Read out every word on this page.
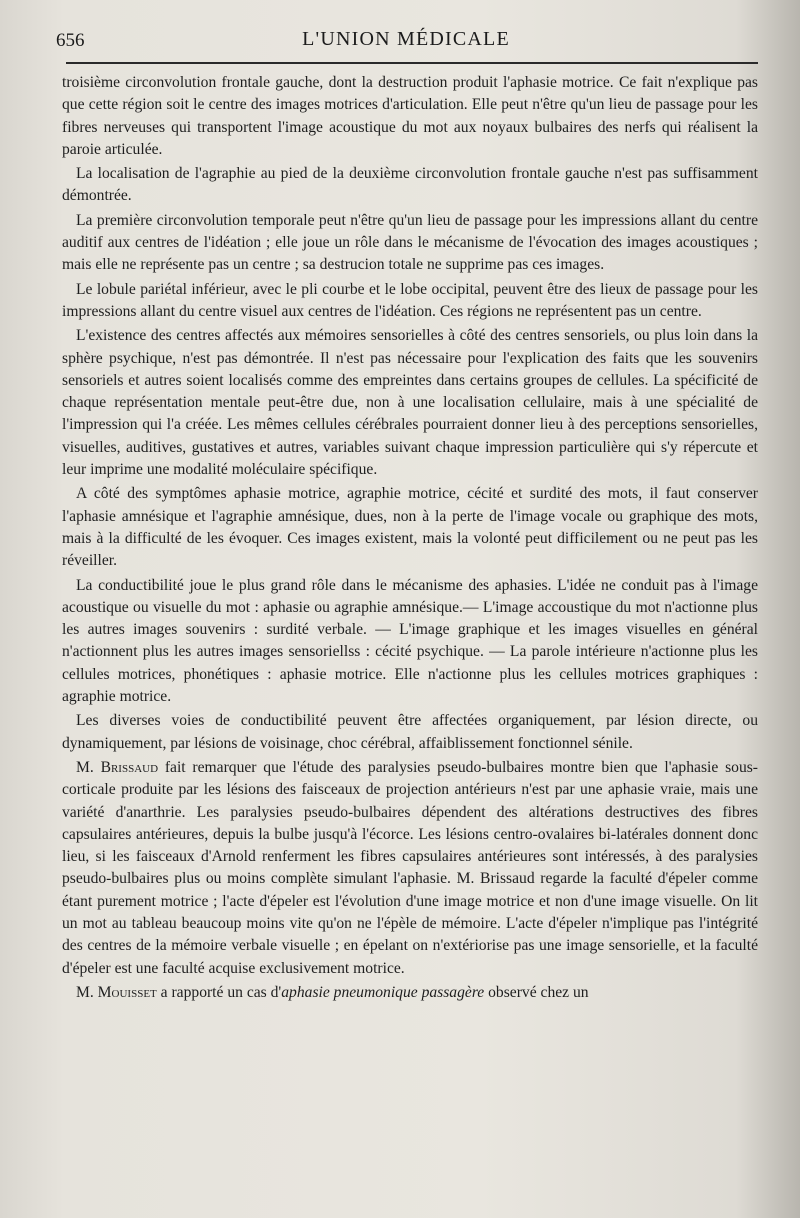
656	L'UNION MÉDICALE

troisième circonvolution frontale gauche, dont la destruction produit l'aphasie motrice. Ce fait n'explique pas que cette région soit le centre des images motrices d'articulation. Elle peut n'être qu'un lieu de passage pour les fibres nerveuses qui transportent l'image acoustique du mot aux noyaux bulbaires des nerfs qui réalisent la paroie articulée.

La localisation de l'agraphie au pied de la deuxième circonvolution frontale gauche n'est pas suffisamment démontrée.

La première circonvolution temporale peut n'être qu'un lieu de passage pour les impressions allant du centre auditif aux centres de l'idéation ; elle joue un rôle dans le mécanisme de l'évocation des images acoustiques ; mais elle ne représente pas un centre ; sa destrucion totale ne supprime pas ces images.

Le lobule pariétal inférieur, avec le pli courbe et le lobe occipital, peuvent être des lieux de passage pour les impressions allant du centre visuel aux centres de l'idéation. Ces régions ne représentent pas un centre.

L'existence des centres affectés aux mémoires sensorielles à côté des centres sensoriels, ou plus loin dans la sphère psychique, n'est pas démontrée. Il n'est pas nécessaire pour l'explication des faits que les souvenirs sensoriels et autres soient localisés comme des empreintes dans certains groupes de cellules. La spécificité de chaque représentation mentale peut-être due, non à une localisation cellulaire, mais à une spécialité de l'impression qui l'a créée. Les mêmes cellules cérébrales pourraient donner lieu à des perceptions sensorielles, visuelles, auditives, gustatives et autres, variables suivant chaque impression particulière qui s'y répercute et leur imprime une modalité moléculaire spécifique.

A côté des symptômes aphasie motrice, agraphie motrice, cécité et surdité des mots, il faut conserver l'aphasie amnésique et l'agraphie amnésique, dues, non à la perte de l'image vocale ou graphique des mots, mais à la difficulté de les évoquer. Ces images existent, mais la volonté peut difficilement ou ne peut pas les réveiller.

La conductibilité joue le plus grand rôle dans le mécanisme des aphasies. L'idée ne conduit pas à l'image acoustique ou visuelle du mot : aphasie ou agraphie amnésique.— L'image accoustique du mot n'actionne plus les autres images souvenirs : surdité verbale. — L'image graphique et les images visuelles en général n'actionnent plus les autres images sensoriellss : cécité psychique. — La parole intérieure n'actionne plus les cellules motrices, phonétiques : aphasie motrice. Elle n'actionne plus les cellules motrices graphiques : agraphie motrice.

Les diverses voies de conductibilité peuvent être affectées organiquement, par lésion directe, ou dynamiquement, par lésions de voisinage, choc cérébral, affaiblissement fonctionnel sénile.

M. Brissaud fait remarquer que l'étude des paralysies pseudo-bulbaires montre bien que l'aphasie sous-corticale produite par les lésions des faisceaux de projection antérieurs n'est par une aphasie vraie, mais une variété d'anarthrie. Les paralysies pseudo-bulbaires dépendent des altérations destructives des fibres capsulaires antérieures, depuis la bulbe jusqu'à l'écorce. Les lésions centro-ovalaires bi-latérales donnent donc lieu, si les faisceaux d'Arnold renferment les fibres capsulaires antérieures sont intéressés, à des paralysies pseudo-bulbaires plus ou moins complète simulant l'aphasie. M. Brissaud regarde la faculté d'épeler comme étant purement motrice ; l'acte d'épeler est l'évolution d'une image motrice et non d'une image visuelle. On lit un mot au tableau beaucoup moins vite qu'on ne l'épèle de mémoire. L'acte d'épeler n'implique pas l'intégrité des centres de la mémoire verbale visuelle ; en épelant on n'extériorise pas une image sensorielle, et la faculté d'épeler est une faculté acquise exclusivement motrice.

M. Mouisset a rapporté un cas d'aphasie pneumonique passagère observé chez un
